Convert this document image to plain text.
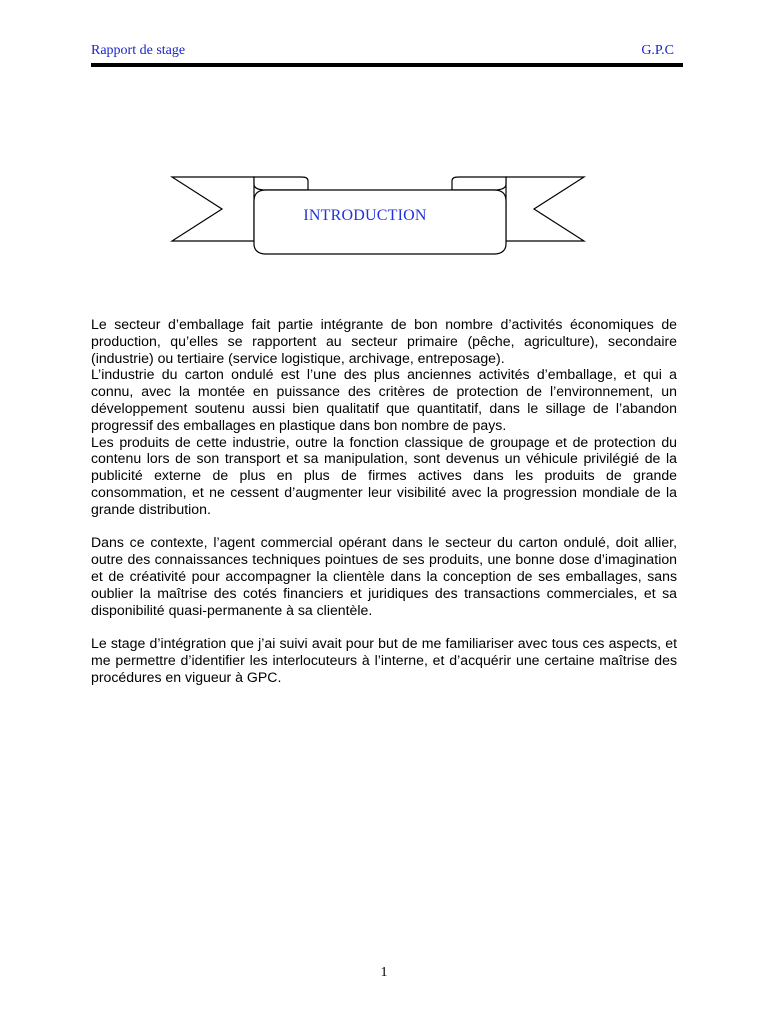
Rapport de stage	G.P.C
INTRODUCTION

Le secteur d’emballage fait partie intégrante de bon nombre d’activités économiques de production, qu’elles se rapportent au secteur primaire (pêche, agriculture), secondaire (industrie) ou tertiaire (service logistique, archivage, entreposage).

L’industrie du carton ondulé est l’une des plus anciennes activités d’emballage, et qui a connu, avec la montée en puissance des critères de protection de l’environnement, un développement soutenu aussi bien qualitatif que quantitatif, dans le sillage de l’abandon progressif des emballages en plastique dans bon nombre de pays.

Les produits de cette industrie, outre la fonction classique de groupage et de protection du contenu lors de son transport et sa manipulation, sont devenus un véhicule privilégié de la publicité externe de plus en plus de firmes actives dans les produits de grande consommation, et ne cessent d’augmenter leur visibilité avec la progression mondiale de la grande distribution.

Dans ce contexte, l’agent commercial opérant dans le secteur du carton ondulé, doit allier, outre des connaissances techniques pointues de ses produits, une bonne dose d’imagination et de créativité pour accompagner la clientèle dans la conception de ses emballages, sans oublier la maîtrise des cotés financiers et juridiques des transactions commerciales, et sa disponibilité quasi-permanente à sa clientèle.

Le stage d’intégration que j’ai suivi avait pour but de me familiariser avec tous ces aspects, et me permettre d’identifier les interlocuteurs à l’interne, et d’acquérir une certaine maîtrise des procédures en vigueur à GPC.

1
